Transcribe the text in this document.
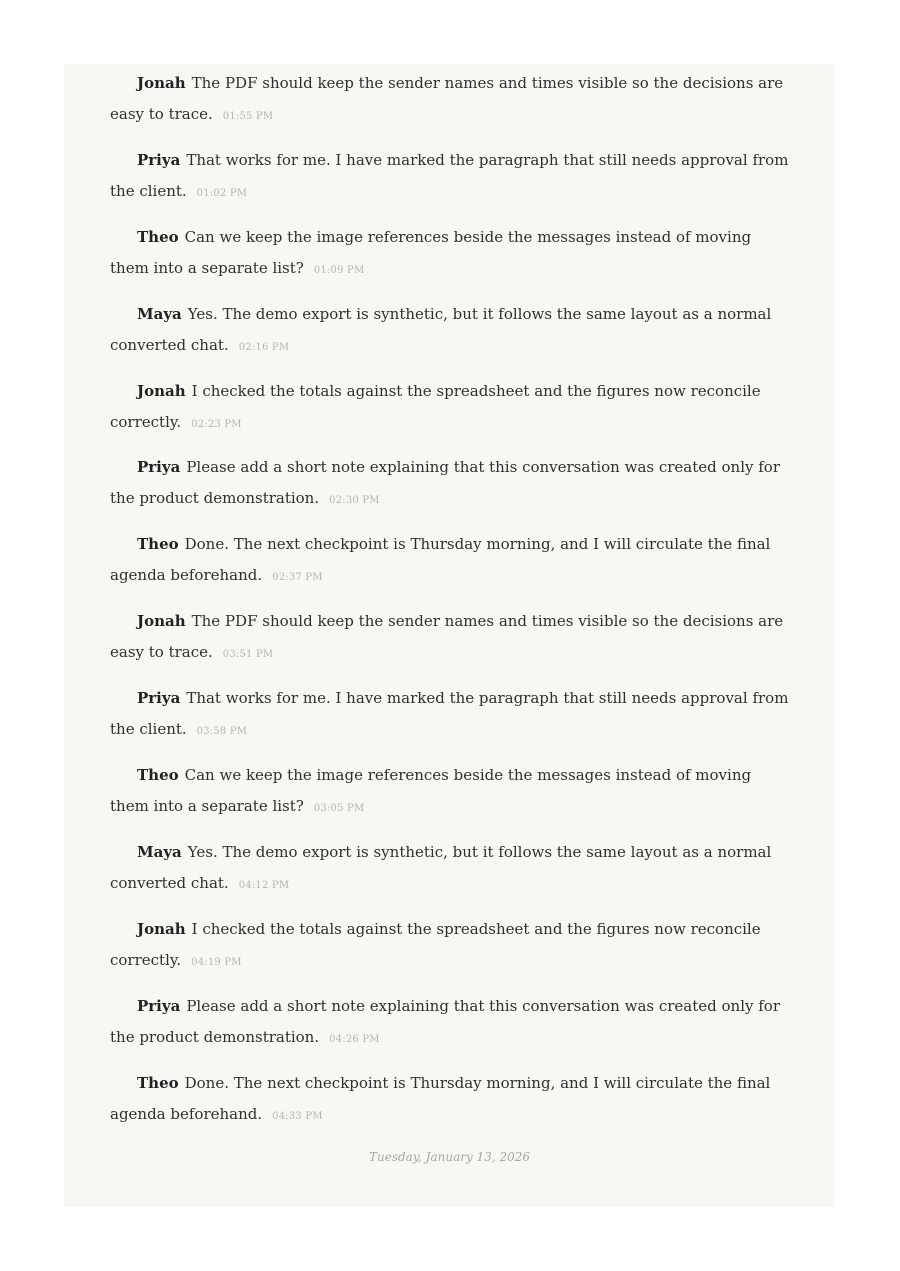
Jonah The PDF should keep the sender names and times visible so the decisions are easy to trace. 01:55 PM

Priya That works for me. I have marked the paragraph that still needs approval from the client. 01:02 PM

Theo Can we keep the image references beside the messages instead of moving them into a separate list? 01:09 PM

Maya Yes. The demo export is synthetic, but it follows the same layout as a normal converted chat. 02:16 PM

Jonah I checked the totals against the spreadsheet and the figures now reconcile correctly. 02:23 PM

Priya Please add a short note explaining that this conversation was created only for the product demonstration. 02:30 PM

Theo Done. The next checkpoint is Thursday morning, and I will circulate the final agenda beforehand. 02:37 PM

Jonah The PDF should keep the sender names and times visible so the decisions are easy to trace. 03:51 PM

Priya That works for me. I have marked the paragraph that still needs approval from the client. 03:58 PM

Theo Can we keep the image references beside the messages instead of moving them into a separate list? 03:05 PM

Maya Yes. The demo export is synthetic, but it follows the same layout as a normal converted chat. 04:12 PM

Jonah I checked the totals against the spreadsheet and the figures now reconcile correctly. 04:19 PM

Priya Please add a short note explaining that this conversation was created only for the product demonstration. 04:26 PM

Theo Done. The next checkpoint is Thursday morning, and I will circulate the final agenda beforehand. 04:33 PM

Tuesday, January 13, 2026
